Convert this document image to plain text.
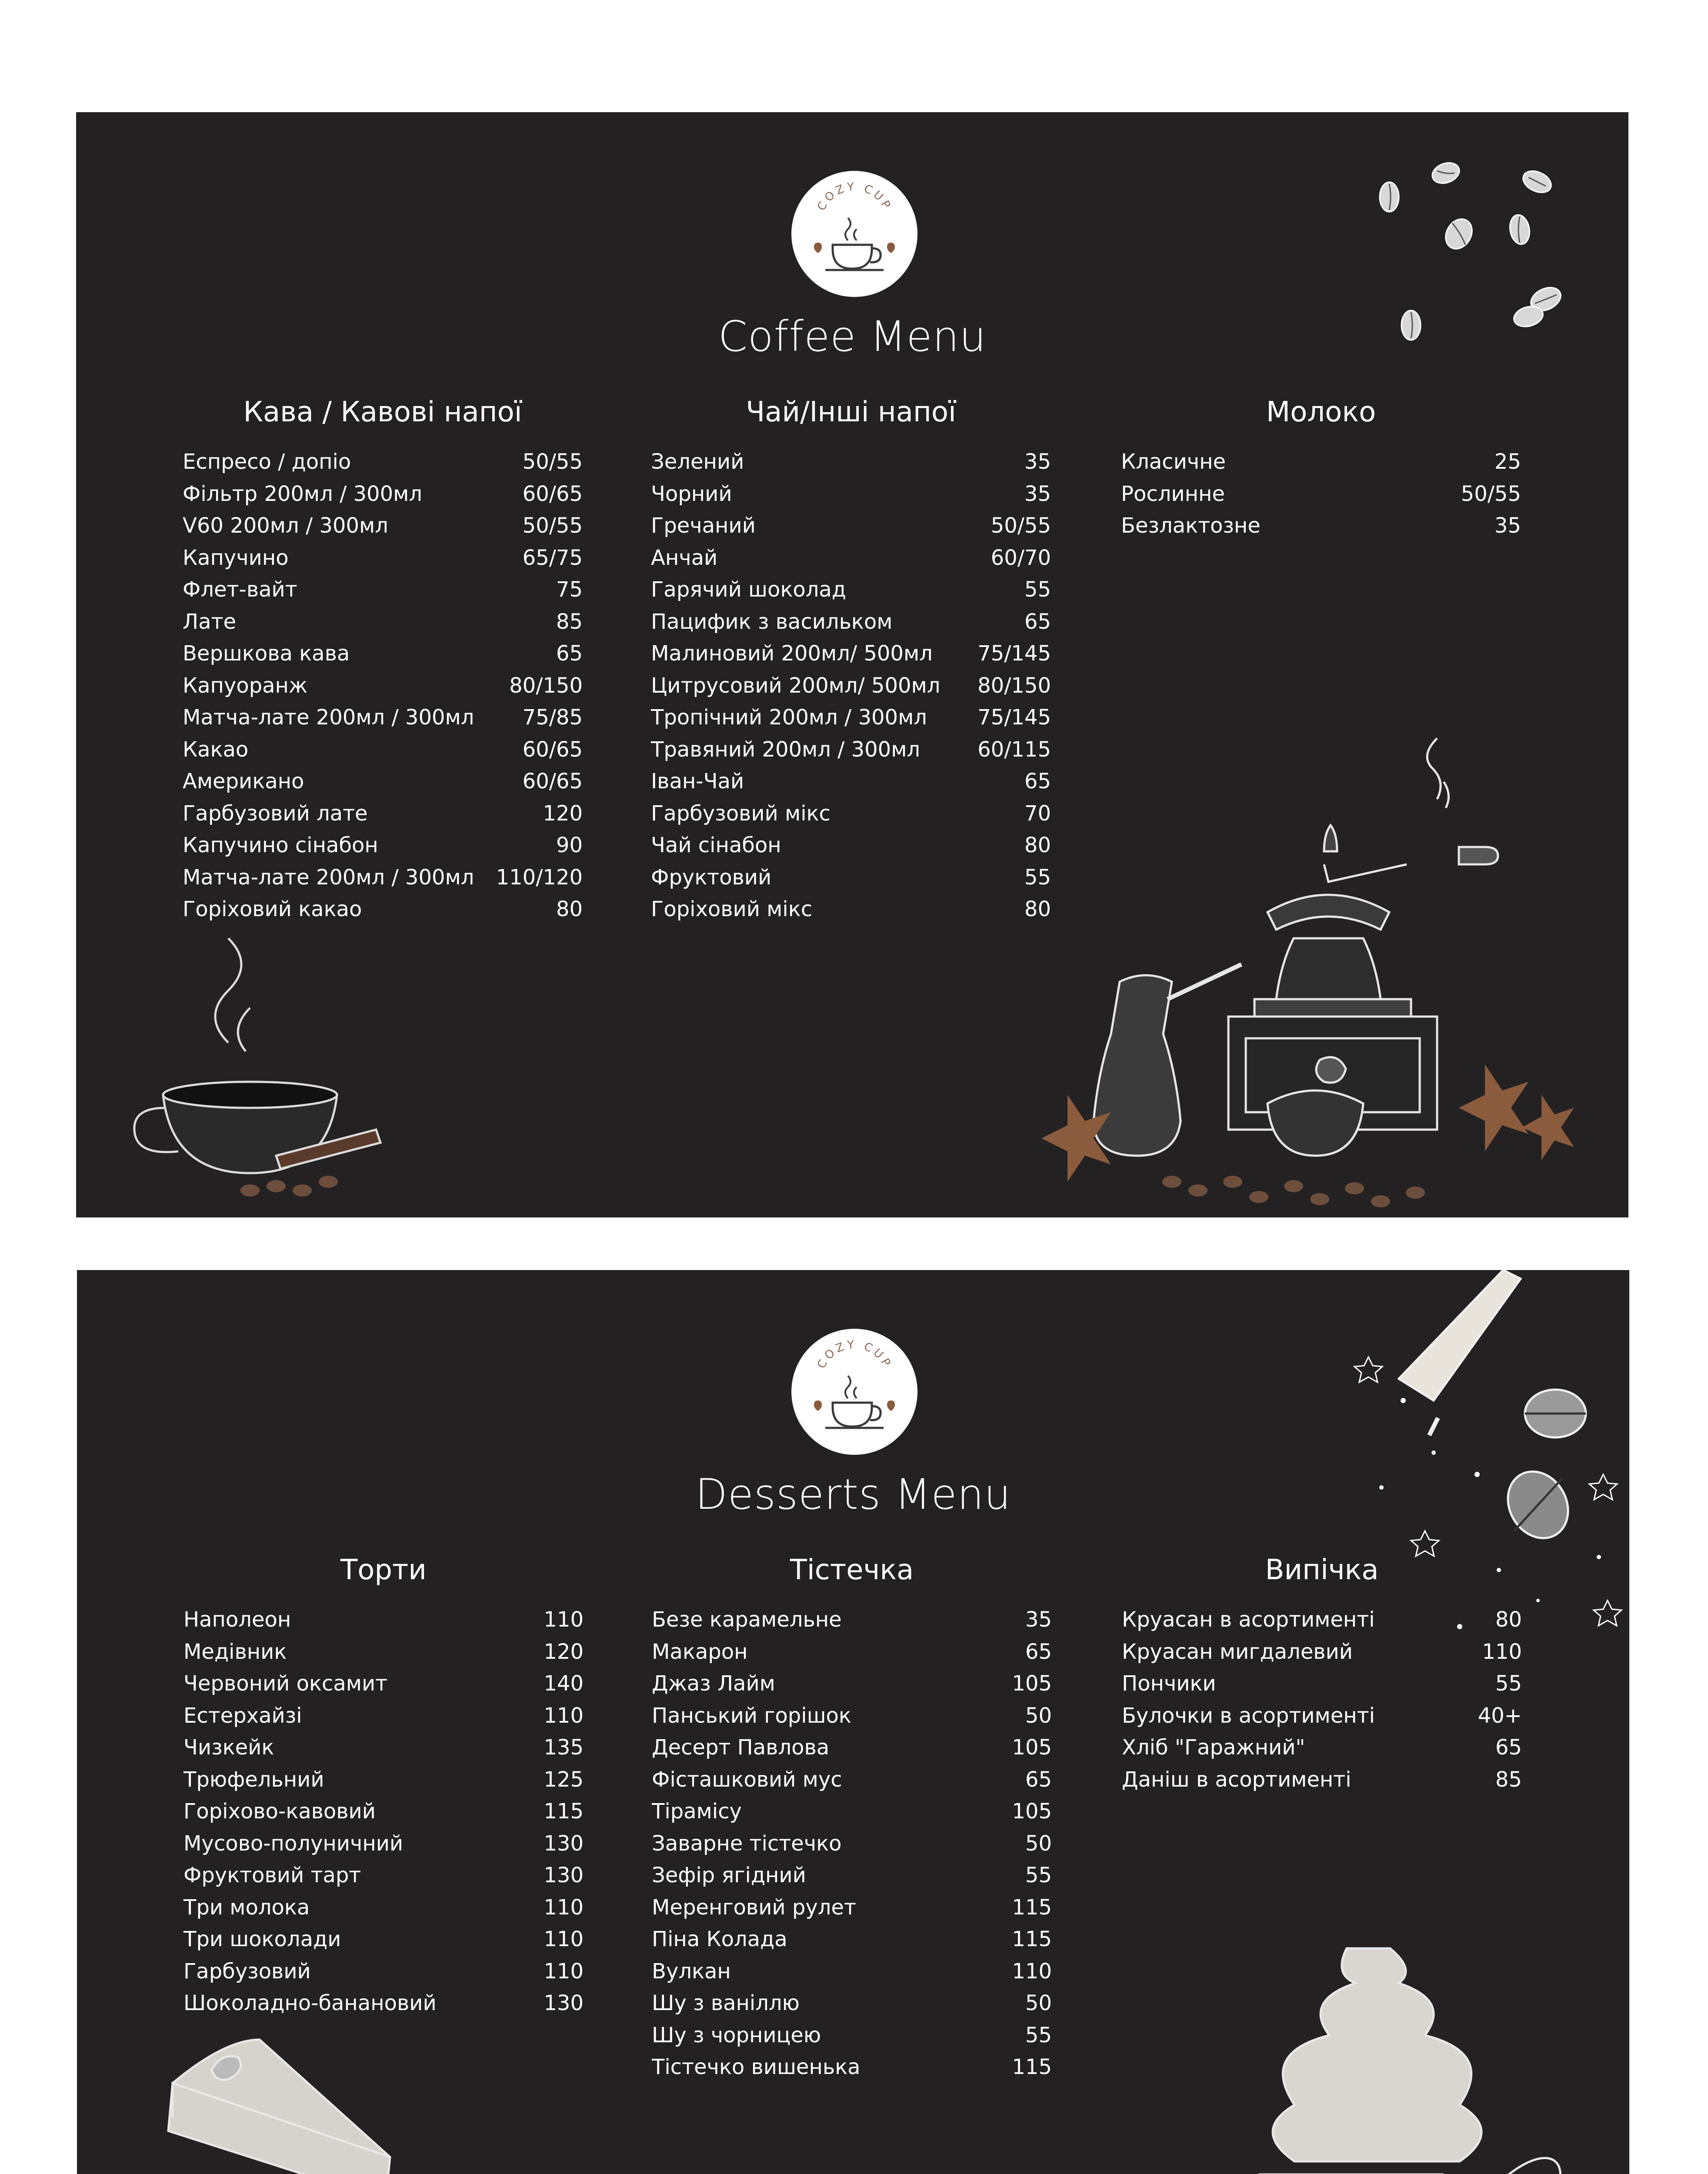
COZY CUP
Coffee Menu
Кава / Кавові напої
Еспресо / допіо	50/55
Фільтр 200мл / 300мл	60/65
V60 200мл / 300мл	50/55
Капучино	65/75
Флет-вайт	75
Лате	85
Вершкова кава	65
Капуоранж	80/150
Матча-лате 200мл / 300мл 75/85
Какао	60/65
Американо	60/65
Гарбузовий лате	120
Капучино сінабон	90
Матча-лате 200мл / 300мл 110/120
Горіховий какао	80
Чай/Інші напої
Зелений	35
Чорний	35
Гречаний	50/55
Анчай	60/70
Гарячий шоколад	55
Пацифик з васильком	65
Малиновий 200мл/ 500мл 75/145
Цитрусовий 200мл/ 500мл 80/150
Тропічний 200мл / 300мл 75/145
Травяний 200мл / 300мл	60/115
Іван-Чай	65
Гарбузовий мікс	70
Чай сінабон	80
Фруктовий	55
Горіховий мікс	80
Молоко
Класичне	25
Рослинне	50/55
Безлактозне	35
COZY CUP
Desserts Menu
Торти
Наполеон	110
Медівник	120
Червоний оксамит	140
Естерхайзі	110
Чизкейк	135
Трюфельний	125
Горіхово-кавовий	115
Мусово-полуничний	130
Фруктовий тарт	130
Три молока	110
Три шоколади	110
Гарбузовий	110
Шоколадно-банановий	130
Тістечка
Безе карамельне	35
Макарон	65
Джаз Лайм	105
Панський горішок	50
Десерт Павлова	105
Фісташковий мус	65
Тірамісу	105
Заварне тістечко	50
Зефір ягідний	55
Меренговий рулет	115
Піна Колада	115
Вулкан	110
Шу з ваніллю	50
Шу з чорницею	55
Тістечко вишенька	115
Випічка
Круасан в асортименті	80
Круасан мигдалевий	110
Пончики	55
Булочки в асортименті	40+
Хліб "Гаражний"	65
Даніш в асортименті	85
